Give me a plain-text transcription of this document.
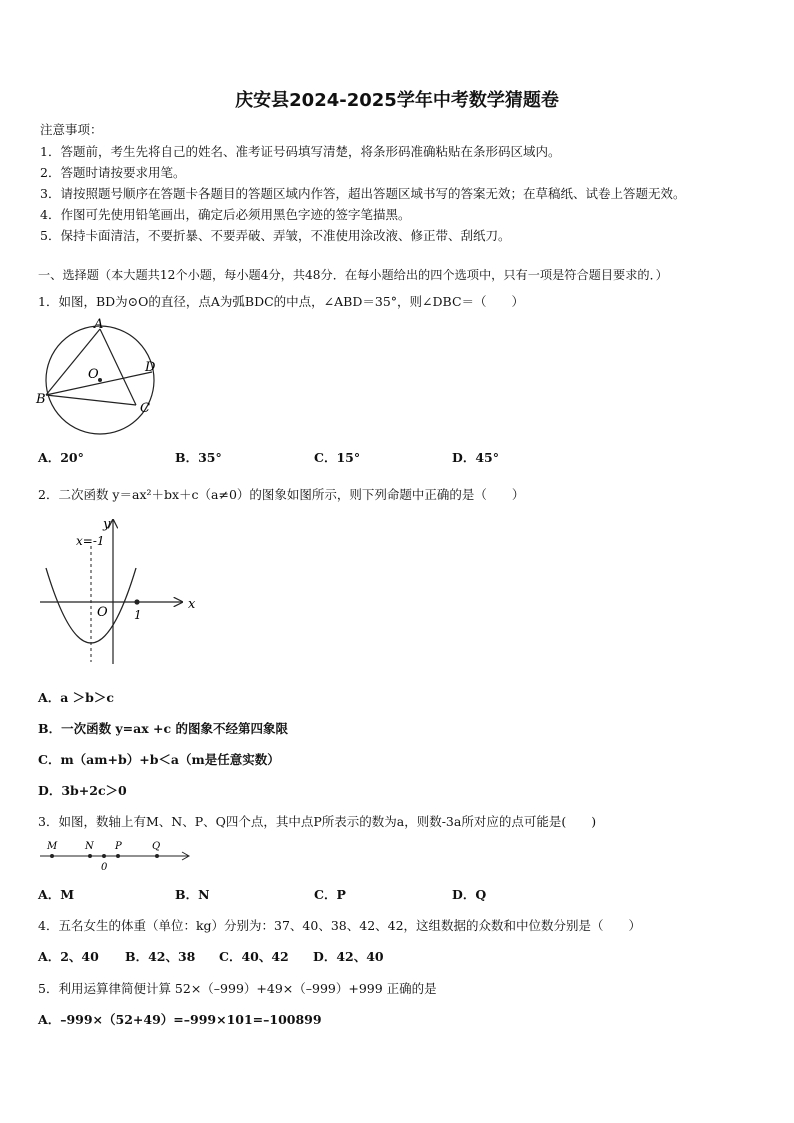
庆安县2024-2025学年中考数学猜题卷
注意事项：
1．答题前，考生先将自己的姓名、准考证号码填写清楚，将条形码准确粘贴在条形码区域内。
2．答题时请按要求用笔。
3．请按照题号顺序在答题卡各题目的答题区域内作答，超出答题区域书写的答案无效；在草稿纸、试卷上答题无效。
4．作图可先使用铅笔画出，确定后必须用黑色字迹的签字笔描黑。
5．保持卡面清洁，不要折暴、不要弄破、弄皱，不准使用涂改液、修正带、刮纸刀。
一、选择题（本大题共12个小题，每小题4分，共48分．在每小题给出的四个选项中，只有一项是符合题目要求的．）
1．如图，BD为⊙O的直径，点A为弧BDC的中点，∠ABD＝35°，则∠DBC＝（　　）
A
O	D
B
C
A．20°	B．35°	C．15°	D．45°
2．二次函数 y＝ax²＋bx＋c（a≠0）的图象如图所示，则下列命题中正确的是（　　）
y
x
x=-1
O 1
A．a ＞b＞c
B．一次函数 y=ax +c 的图象不经第四象限
C．m（am+b）+b＜a（m是任意实数）
D．3b+2c＞0
3．如图，数轴上有M、N、P、Q四个点，其中点P所表示的数为a，则数-3a所对应的点可能是(　　)
M	N P	Q
0
A．M	B．N	C．P	D．Q
4．五名女生的体重（单位：kg）分别为：37、40、38、42、42，这组数据的众数和中位数分别是（　　）
A．2、40 B．42、38 C．40、42 D．42、40
5．利用运算律简便计算 52×（–999）+49×（–999）+999 正确的是
A．–999×（52+49）=–999×101=–100899
